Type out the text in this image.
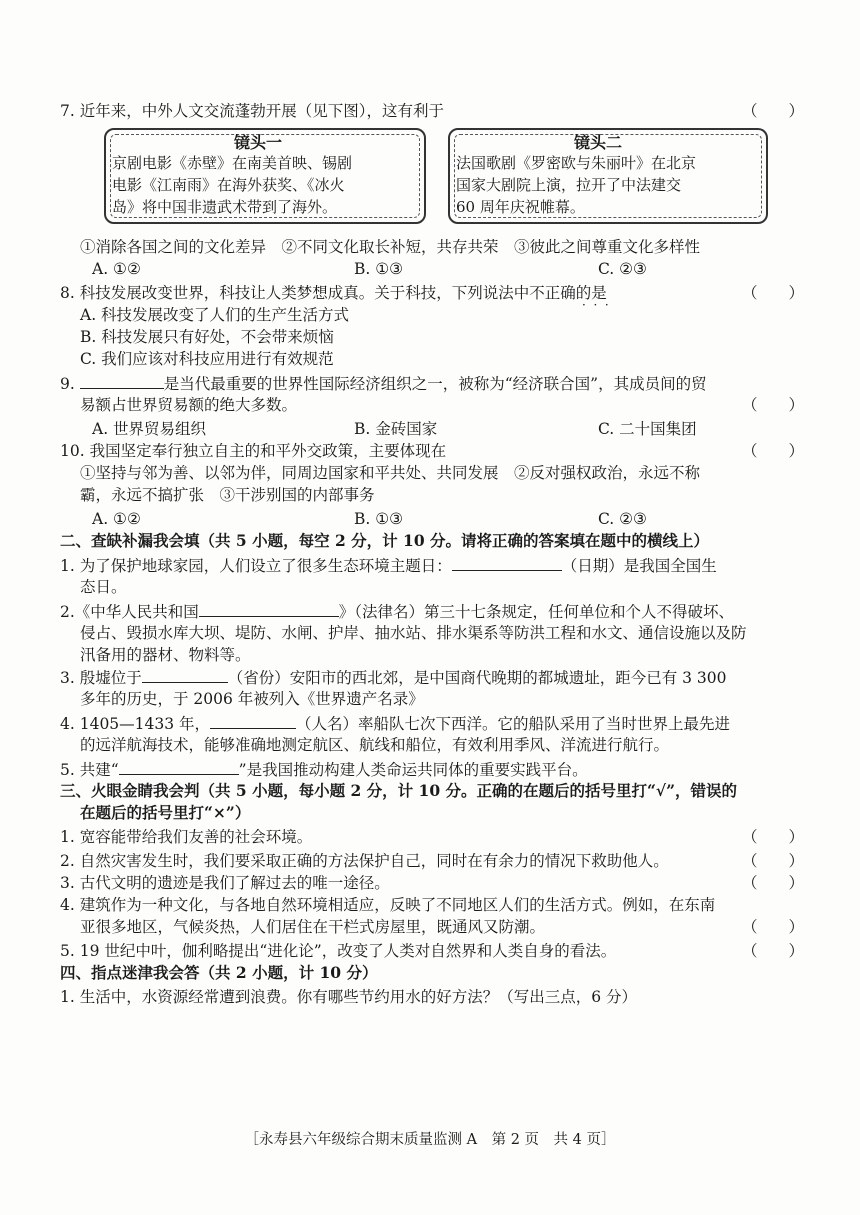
7. 近年来，中外人文交流蓬勃开展（见下图），这有利于	（　　）
镜头一
京剧电影《赤壁》在南美首映、锡剧
电影《江南雨》在海外获奖、《冰火
岛》将中国非遗武术带到了海外。
镜头二
法国歌剧《罗密欧与朱丽叶》在北京
国家大剧院上演，拉开了中法建交
60 周年庆祝帷幕。
①消除各国之间的文化差异　②不同文化取长补短，共存共荣　③彼此之间尊重文化多样性
A. ①②	B. ①③	C. ②③
8. 科技发展改变世界，科技让人类梦想成真。关于科技，下列说法中不正确的是
·  ·  ·
（　　）
A. 科技发展改变了人们的生产生活方式
B. 科技发展只有好处，不会带来烦恼
C. 我们应该对科技应用进行有效规范
9.	是当代最重要的世界性国际经济组织之一，被称为“经济联合国”，其成员间的贸
易额占世界贸易额的绝大多数。	（　　）
A. 世界贸易组织	B. 金砖国家	C. 二十国集团
10. 我国坚定奉行独立自主的和平外交政策，主要体现在	（　　）
①坚持与邻为善、以邻为伴，同周边国家和平共处、共同发展　②反对强权政治，永远不称
霸，永远不搞扩张　③干涉别国的内部事务
A. ①②	B. ①③	C. ②③
二、查缺补漏我会填（共 5 小题，每空 2 分，计 10 分。请将正确的答案填在题中的横线上）
1. 为了保护地球家园，人们设立了很多生态环境主题日：	（日期）是我国全国生
态日。
2.《中华人民共和国	》（法律名）第三十七条规定，任何单位和个人不得破坏、
侵占、毁损水库大坝、堤防、水闸、护岸、抽水站、排水渠系等防洪工程和水文、通信设施以及防
汛备用的器材、物料等。
3. 殷墟位于	（省份）安阳市的西北郊，是中国商代晚期的都城遗址，距今已有 3 300
多年的历史，于 2006 年被列入《世界遗产名录》
4. 1405—1433 年，	（人名）率船队七次下西洋。它的船队采用了当时世界上最先进
的远洋航海技术，能够准确地测定航区、航线和船位，有效利用季风、洋流进行航行。
5. 共建“	”是我国推动构建人类命运共同体的重要实践平台。
三、火眼金睛我会判（共 5 小题，每小题 2 分，计 10 分。正确的在题后的括号里打“√”，错误的
在题后的括号里打“×”）
1. 宽容能带给我们友善的社会环境。	（　　）
2. 自然灾害发生时，我们要采取正确的方法保护自己，同时在有余力的情况下救助他人。	（　　）
3. 古代文明的遗迹是我们了解过去的唯一途径。	（　　）
4. 建筑作为一种文化，与各地自然环境相适应，反映了不同地区人们的生活方式。例如，在东南
亚很多地区，气候炎热，人们居住在干栏式房屋里，既通风又防潮。	（　　）
5. 19 世纪中叶，伽利略提出“进化论”，改变了人类对自然界和人类自身的看法。	（　　）
四、指点迷津我会答（共 2 小题，计 10 分）
1. 生活中，水资源经常遭到浪费。你有哪些节约用水的好方法？（写出三点，6 分）
［永寿县六年级综合期末质量监测 A　第 2 页　共 4 页］
